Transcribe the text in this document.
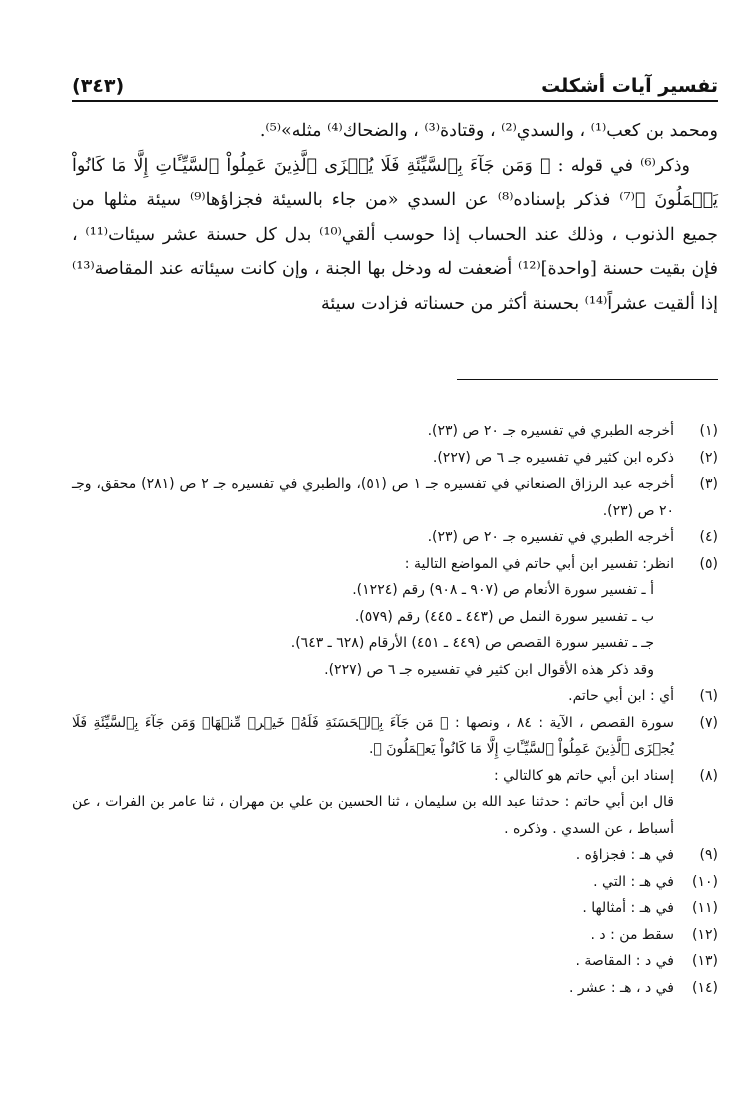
(٣٤٣)	تفسير آيات أشكلت

ومحمد بن كعب⁽¹⁾ ، والسدي⁽²⁾ ، وقتادة⁽³⁾ ، والضحاك⁽⁴⁾ مثله»⁽⁵⁾.

وذكر⁽⁶⁾ في قوله : ﴿ وَمَن جَآءَ بِٱلسَّيِّئَةِ فَلَا يُجۡزَى ٱلَّذِينَ عَمِلُواْ ٱلسَّيِّـَٔاتِ إِلَّا مَا كَانُواْ يَعۡمَلُونَ ﴾⁽⁷⁾ فذكر بإسناده⁽⁸⁾ عن السدي «من جاء بالسيئة فجزاؤها⁽⁹⁾ سيئة مثلها من جميع الذنوب ، وذلك عند الحساب إذا حوسب ألقي⁽¹⁰⁾ بدل كل حسنة عشر سيئات⁽¹¹⁾ ، فإن بقيت حسنة [واحدة]⁽¹²⁾ أضعفت له ودخل بها الجنة ، وإن كانت سيئاته عند المقاصة⁽¹³⁾ إذا ألقيت عشراً⁽¹⁴⁾ بحسنة أكثر من حسناته فزادت سيئة

(١)
أخرجه الطبري في تفسيره جـ ٢٠ ص (٢٣).
(٢)
ذكره ابن كثير في تفسيره جـ ٦ ص (٢٢٧).
(٣)
أخرجه عبد الرزاق الصنعاني في تفسيره جـ ١ ص (٥١)، والطبري في تفسيره جـ ٢ ص (٢٨١) محقق، وجـ ٢٠ ص (٢٣).
(٤)
أخرجه الطبري في تفسيره جـ ٢٠ ص (٢٣).
(٥)
انظر: تفسير ابن أبي حاتم في المواضع التالية :
أ ـ تفسير سورة الأنعام ص (٩٠٧ ـ ٩٠٨) رقم (١٢٢٤).
ب ـ تفسير سورة النمل ص (٤٤٣ ـ ٤٤٥) رقم (٥٧٩).
جـ ـ تفسير سورة القصص ص (٤٤٩ ـ ٤٥١) الأرقام (٦٢٨ ـ ٦٤٣).
وقد ذكر هذه الأقوال ابن كثير في تفسيره جـ ٦ ص (٢٢٧).
(٦)
أي : ابن أبي حاتم.
(٧)
سورة القصص ، الآية : ٨٤ ، ونصها : ﴿ مَن جَآءَ بِٱلۡحَسَنَةِ فَلَهُۥ خَيۡرٞ مِّنۡهَاۖ وَمَن جَآءَ بِٱلسَّيِّئَةِ فَلَا يُجۡزَى ٱلَّذِينَ عَمِلُواْ ٱلسَّيِّـَٔاتِ إِلَّا مَا كَانُواْ يَعۡمَلُونَ ﴾.
(٨)
إسناد ابن أبي حاتم هو كالتالي :
قال ابن أبي حاتم : حدثنا عبد الله بن سليمان ، ثنا الحسين بن علي بن مهران ، ثنا عامر بن الفرات ، عن أسباط ، عن السدي . وذكره .
(٩)
في هـ : فجزاؤه .
(١٠)
في هـ : التي .
(١١)
في هـ : أمثالها .
(١٢)
سقط من : د .
(١٣)
في د : المقاصة .
(١٤)
في د ، هـ : عشر .
